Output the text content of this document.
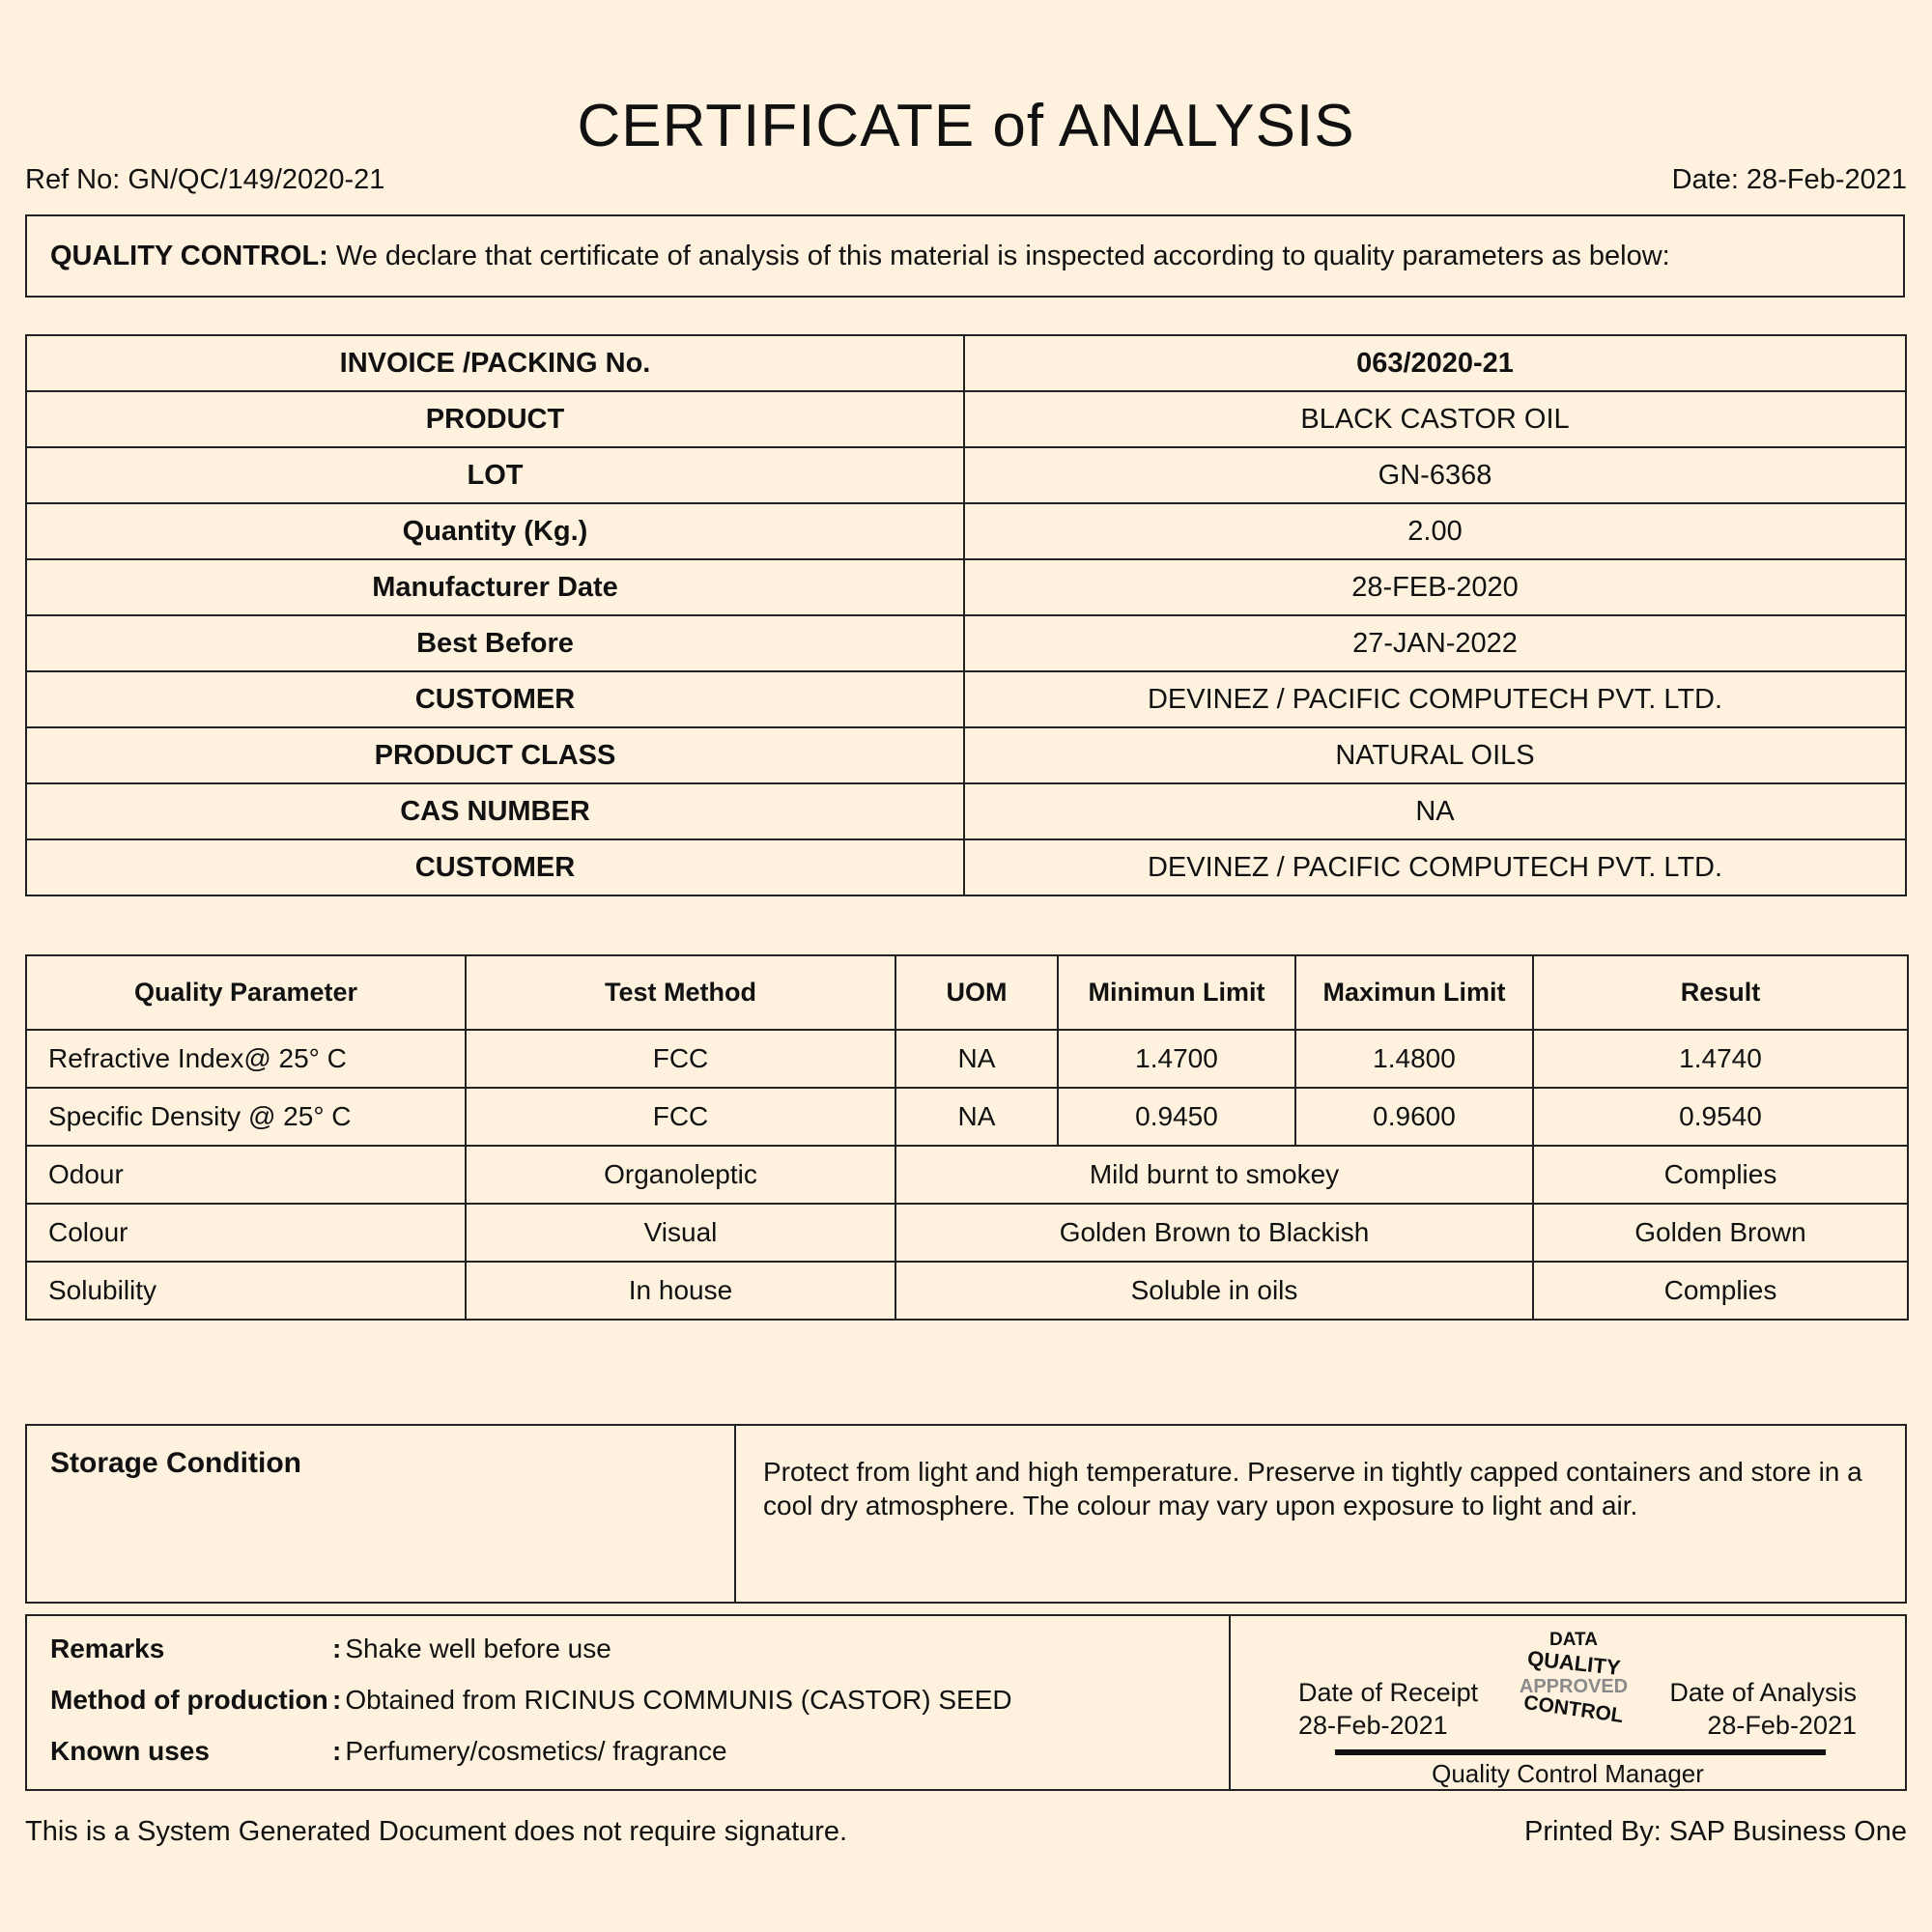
CERTIFICATE of ANALYSIS
Ref No: GN/QC/149/2020-21	Date: 28-Feb-2021
QUALITY CONTROL: We declare that certificate of analysis of this material is inspected according to quality parameters as below:
INVOICE /PACKING No.	063/2020-21
PRODUCT	BLACK CASTOR OIL
LOT	GN-6368
Quantity (Kg.)	2.00
Manufacturer Date	28-FEB-2020
Best Before	27-JAN-2022
CUSTOMER	DEVINEZ / PACIFIC COMPUTECH PVT. LTD.
PRODUCT CLASS	NATURAL OILS
CAS NUMBER	NA
CUSTOMER	DEVINEZ / PACIFIC COMPUTECH PVT. LTD.
Quality Parameter	Test Method	UOM	Minimun Limit	Maximun Limit	Result
Refractive Index@ 25° C	FCC	NA	1.4700	1.4800	1.4740
Specific Density @ 25° C	FCC	NA	0.9450	0.9600	0.9540
Odour	Organoleptic	Mild burnt to smokey			Complies
Colour	Visual	Golden Brown to Blackish			Golden Brown
Solubility	In house	Soluble in oils			Complies
Storage Condition	Protect from light and high temperature. Preserve in tightly capped containers and store in a cool dry atmosphere. The colour may vary upon exposure to light and air.
Remarks	: Shake well before use
Method of production : Obtained from RICINUS COMMUNIS (CASTOR) SEED
Known uses	: Perfumery/cosmetics/ fragrance

Date of Receipt
28-Feb-2021
DATA
QUALITY
APPROVED
CONTROL	Date of Analysis
28-Feb-2021
Quality Control Manager
This is a System Generated Document does not require signature.	Printed By: SAP Business One
